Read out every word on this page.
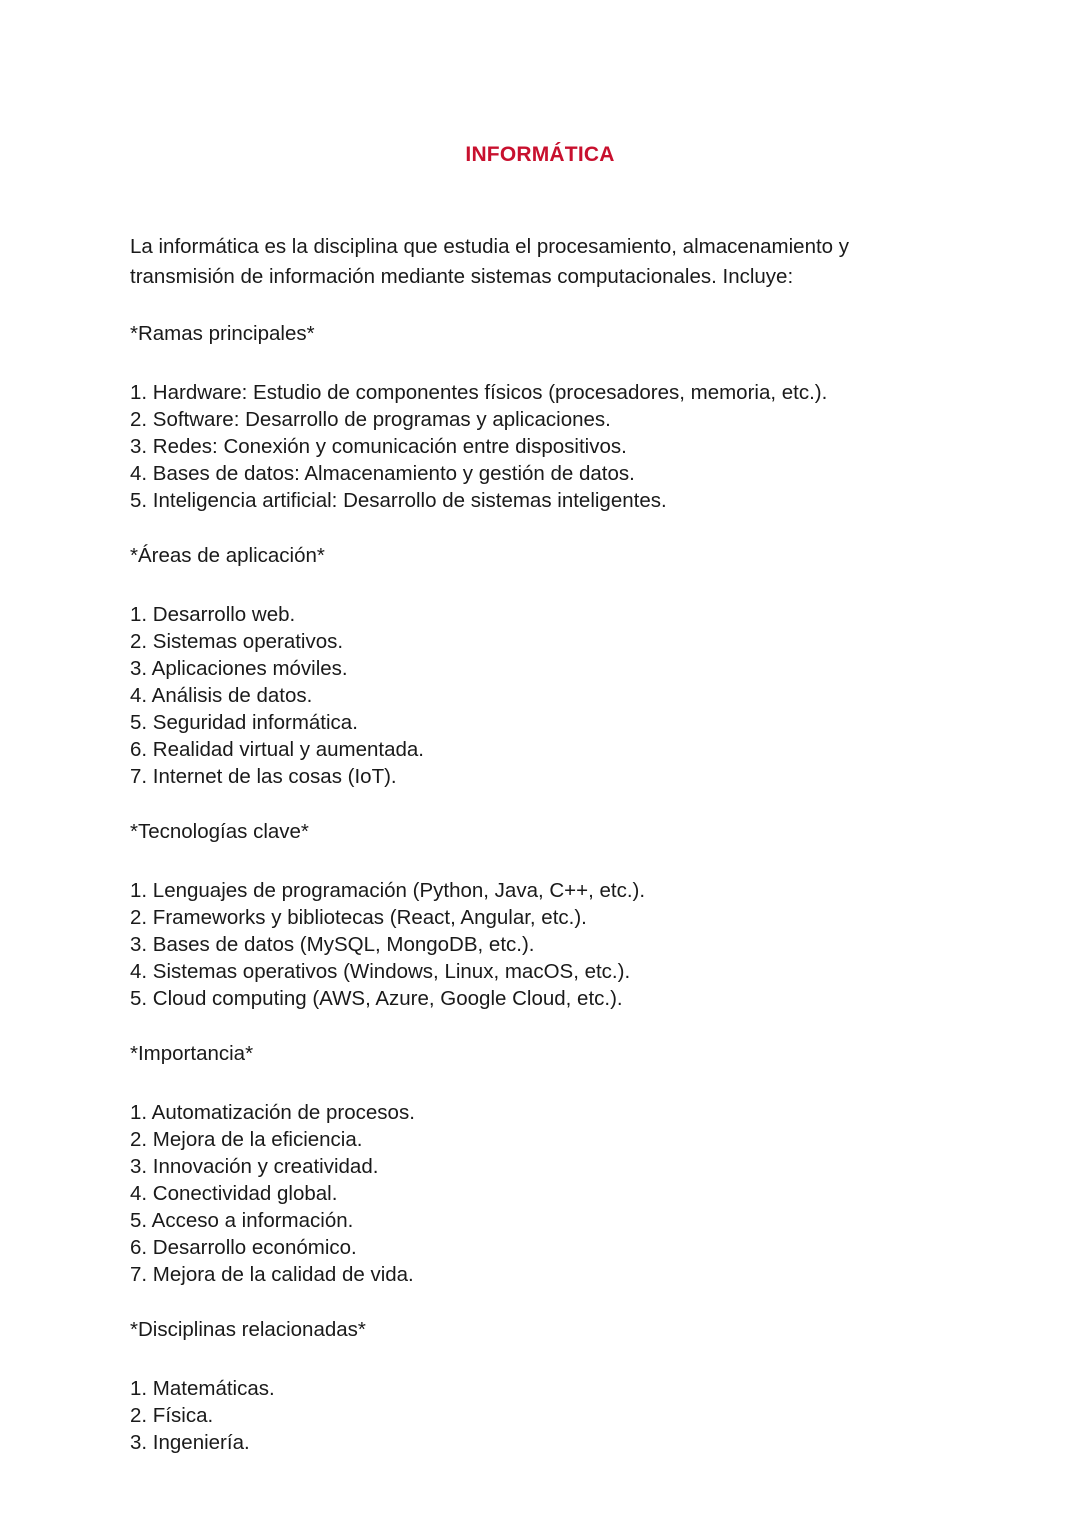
INFORMÁTICA

La informática es la disciplina que estudia el procesamiento, almacenamiento y transmisión de información mediante sistemas computacionales. Incluye:

*Ramas principales*

1. Hardware: Estudio de componentes físicos (procesadores, memoria, etc.).
2. Software: Desarrollo de programas y aplicaciones.
3. Redes: Conexión y comunicación entre dispositivos.
4. Bases de datos: Almacenamiento y gestión de datos.
5. Inteligencia artificial: Desarrollo de sistemas inteligentes.

*Áreas de aplicación*

1. Desarrollo web.
2. Sistemas operativos.
3. Aplicaciones móviles.
4. Análisis de datos.
5. Seguridad informática.
6. Realidad virtual y aumentada.
7. Internet de las cosas (IoT).

*Tecnologías clave*

1. Lenguajes de programación (Python, Java, C++, etc.).
2. Frameworks y bibliotecas (React, Angular, etc.).
3. Bases de datos (MySQL, MongoDB, etc.).
4. Sistemas operativos (Windows, Linux, macOS, etc.).
5. Cloud computing (AWS, Azure, Google Cloud, etc.).

*Importancia*

1. Automatización de procesos.
2. Mejora de la eficiencia.
3. Innovación y creatividad.
4. Conectividad global.
5. Acceso a información.
6. Desarrollo económico.
7. Mejora de la calidad de vida.

*Disciplinas relacionadas*

1. Matemáticas.
2. Física.
3. Ingeniería.
